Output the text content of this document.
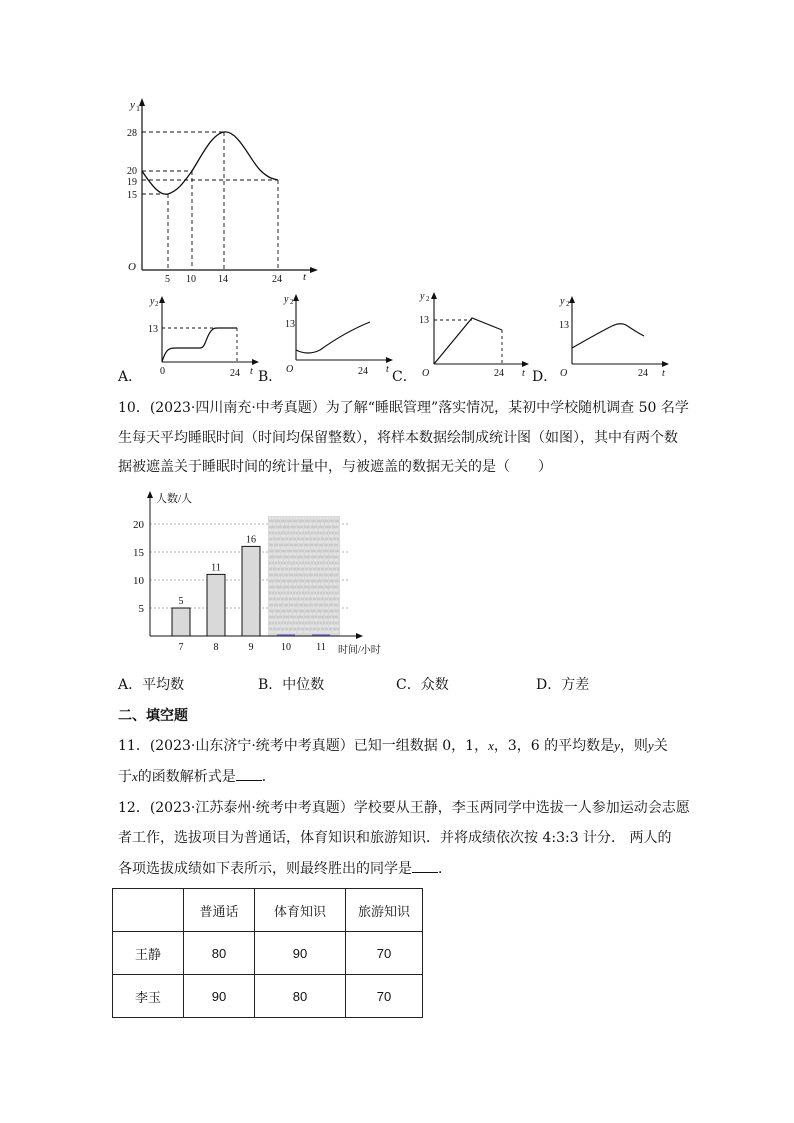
y 1
t
O
28
20
19
15
5 10 14	24
y 2
13
0	24 t
A．
y 2
13
O	24 t
B．
y 2
13
O	24 t
C．
y 2
13
O	24 t
D．
10．(2023·四川南充·中考真题）为了解“睡眠管理”落实情况，某初中学校随机调查 50 名学
生每天平均睡眠时间（时间均保留整数），将样本数据绘制成统计图（如图），其中有两个数
据被遮盖关于睡眠时间的统计量中，与被遮盖的数据无关的是（　　）
5
11
16
5
10
15
20
7	8	9	10	11
人数/人
时间/小时
A．平均数	B．中位数	C．众数	D．方差
二、填空题
11．(2023·山东济宁·统考中考真题）已知一组数据 0，1，x，3，6 的平均数是y，则y关
于x的函数解析式是 ．
12．(2023·江苏泰州·统考中考真题）学校要从王静，李玉两同学中选拔一人参加运动会志愿
者工作，选拔项目为普通话，体育知识和旅游知识．并将成绩依次按 4:3:3 计分． 两人的
各项选拔成绩如下表所示，则最终胜出的同学是 ．
	普通话	体育知识	旅游知识
王静	80	90	70
李玉	90	80	70
